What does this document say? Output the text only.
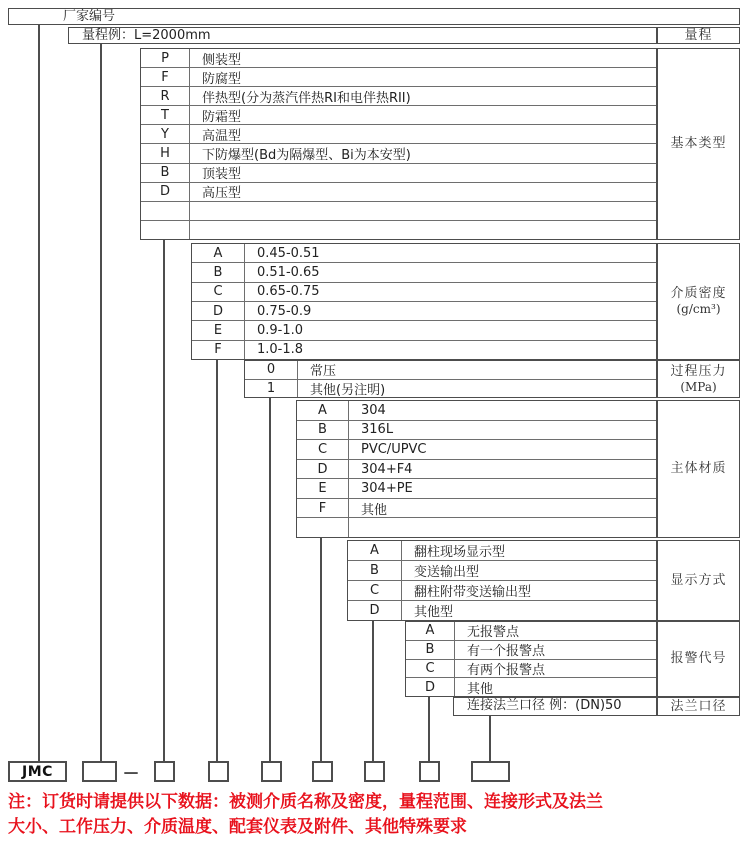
厂家编号
量程例：L=2000mm	量程
P	侧装型
F	防腐型
R	伴热型(分为蒸汽伴热RI和电伴热RII)
T	防霜型
Y	高温型
H	下防爆型(Bd为隔爆型、Bi为本安型)
B	顶装型
D	高压型
基本类型
A	0.45-0.51
B	0.51-0.65
C	0.65-0.75
D	0.75-0.9
E	0.9-1.0
F	1.0-1.8
介质密度
(g/cm³)
0	常压
1	其他(另注明)
过程压力
(MPa)
A	304
B	316L
C	PVC/UPVC
D	304+F4
E	304+PE
F	其他
主体材质
A	翻柱现场显示型
B	变送输出型
C	翻柱附带变送输出型
D	其他型
显示方式
A	无报警点
B	有一个报警点
C	有两个报警点
D	其他
报警代号
连接法兰口径 例：(DN)50	法兰口径
JMC	—
注：订货时请提供以下数据：被测介质名称及密度，量程范围、连接形式及法兰
大小、工作压力、介质温度、配套仪表及附件、其他特殊要求
